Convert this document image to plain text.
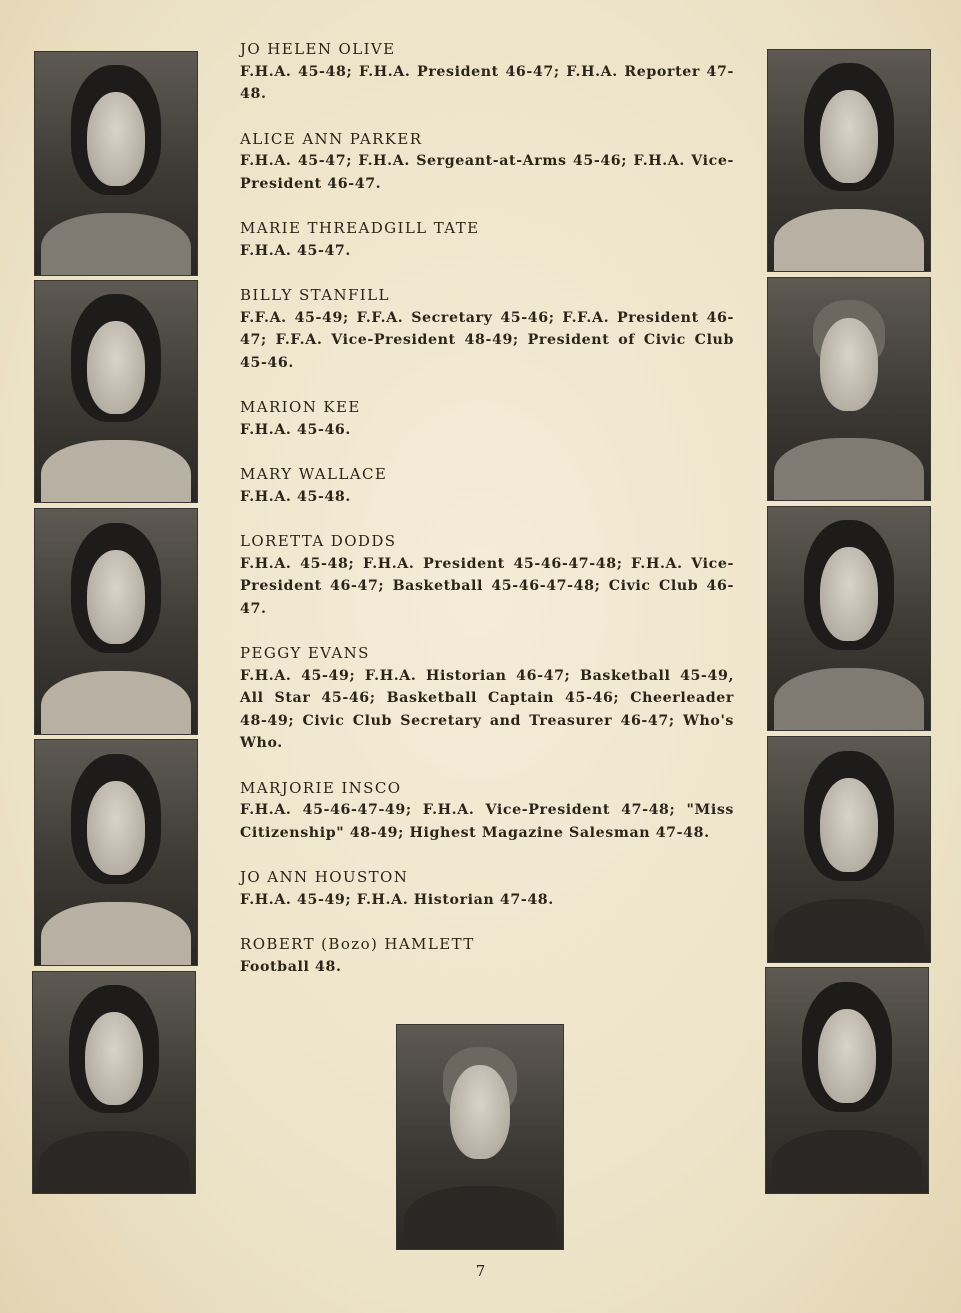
JO HELEN OLIVE
F.H.A. 45-48; F.H.A. President 46-47; F.H.A. Reporter 47-48.
ALICE ANN PARKER
F.H.A. 45-47; F.H.A. Sergeant-at-Arms 45-46; F.H.A. Vice-President 46-47.
MARIE THREADGILL TATE
F.H.A. 45-47.
BILLY STANFILL
F.F.A. 45-49; F.F.A. Secretary 45-46; F.F.A. President 46-47; F.F.A. Vice-President 48-49; President of Civic Club 45-46.
MARION KEE
F.H.A. 45-46.
MARY WALLACE
F.H.A. 45-48.
LORETTA DODDS
F.H.A. 45-48; F.H.A. President 45-46-47-48; F.H.A. Vice-President 46-47; Basketball 45-46-47-48; Civic Club 46-47.
PEGGY EVANS
F.H.A. 45-49; F.H.A. Historian 46-47; Basketball 45-49, All Star 45-46; Basketball Captain 45-46; Cheerleader 48-49; Civic Club Secretary and Treasurer 46-47; Who's Who.
MARJORIE INSCO
F.H.A. 45-46-47-49; F.H.A. Vice-President 47-48; "Miss Citizenship" 48-49; Highest Magazine Salesman 47-48.
JO ANN HOUSTON
F.H.A. 45-49; F.H.A. Historian 47-48.
ROBERT (Bozo) HAMLETT
Football 48.
7
